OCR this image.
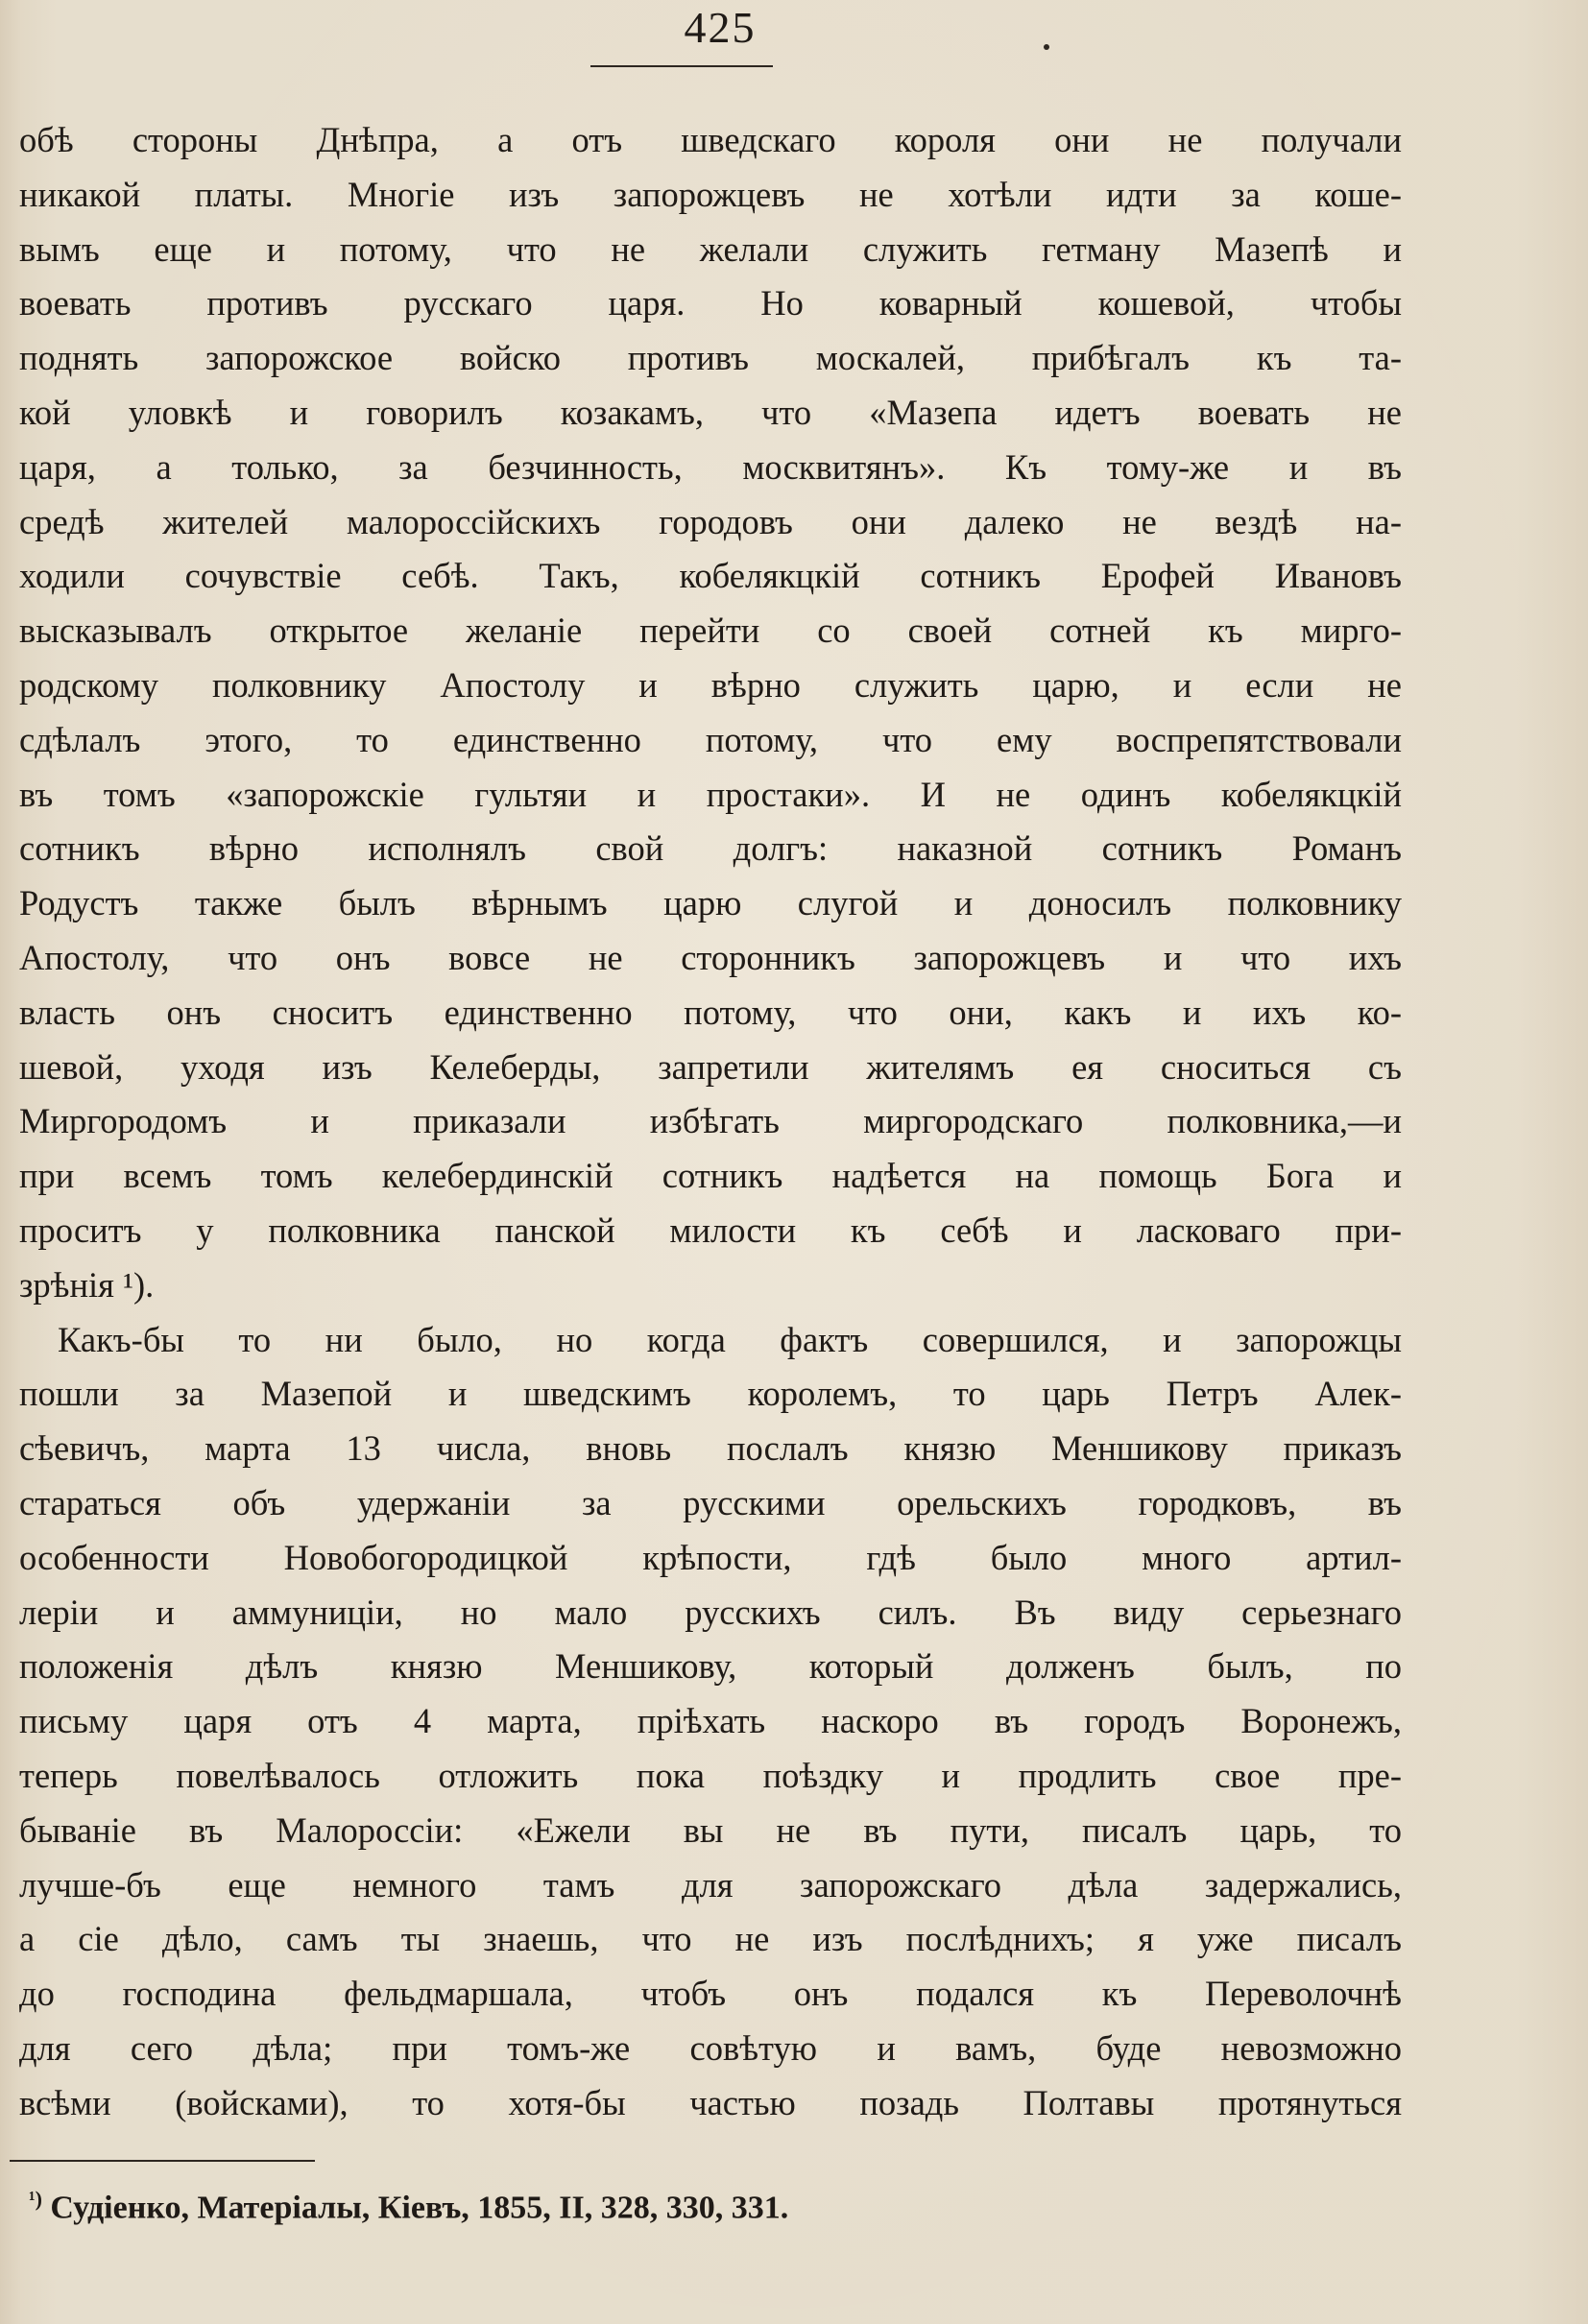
425
обѣ стороны Днѣпра, а отъ шведскаго короля они не получали
никакой платы. Многіе изъ запорожцевъ не хотѣли идти за коше-
вымъ еще и потому, что не желали служить гетману Мазепѣ и
воевать противъ русскаго царя. Но коварный кошевой, чтобы
поднять запорожское войско противъ москалей, прибѣгалъ къ та-
кой уловкѣ и говорилъ козакамъ, что «Мазепа идетъ воевать не
царя, а только, за безчинность, москвитянъ». Къ тому-же и въ
средѣ жителей малороссійскихъ городовъ они далеко не вездѣ на-
ходили сочувствіе себѣ. Такъ, кобелякцкій сотникъ Ерофей Ивановъ
высказывалъ открытое желаніе перейти со своей сотней къ мирго-
родскому полковнику Апостолу и вѣрно служить царю, и если не
сдѣлалъ этого, то единственно потому, что ему воспрепятствовали
въ томъ «запорожскіе гультяи и простаки». И не одинъ кобелякцкій
сотникъ вѣрно исполнялъ свой долгъ: наказной сотникъ Романъ
Родустъ также былъ вѣрнымъ царю слугой и доносилъ полковнику
Апостолу, что онъ вовсе не сторонникъ запорожцевъ и что ихъ
власть онъ сноситъ единственно потому, что они, какъ и ихъ ко-
шевой, уходя изъ Келеберды, запретили жителямъ ея сноситься съ
Миргородомъ и приказали избѣгать миргородскаго полковника,—и
при всемъ томъ келебердинскій сотникъ надѣется на помощь Бога и
проситъ у полковника панской милости къ себѣ и ласковаго при-
зрѣнія ¹).
Какъ-бы то ни было, но когда фактъ совершился, и запорожцы
пошли за Мазепой и шведскимъ королемъ, то царь Петръ Алек-
сѣевичъ, марта 13 числа, вновь послалъ князю Меншикову приказъ
стараться объ удержаніи за русскими орельскихъ городковъ, въ
особенности Новобогородицкой крѣпости, гдѣ было много артил-
леріи и аммуниціи, но мало русскихъ силъ. Въ виду серьезнаго
положенія дѣлъ князю Меншикову, который долженъ былъ, по
письму царя отъ 4 марта, пріѣхать наскоро въ городъ Воронежъ,
теперь повелѣвалось отложить пока поѣздку и продлить свое пре-
бываніе въ Малороссіи: «Ежели вы не въ пути, писалъ царь, то
лучше-бъ еще немного тамъ для запорожскаго дѣла задержались,
а сіе дѣло, самъ ты знаешь, что не изъ послѣднихъ; я уже писалъ
до господина фельдмаршала, чтобъ онъ подался къ Переволочнѣ
для сего дѣла; при томъ-же совѣтую и вамъ, буде невозможно
всѣми (войсками), то хотя-бы частью позадь Полтавы протянуться
$^{^1)}$ Судіенко, Матеріалы, Кіевъ, 1855, II, 328, 330, 331.
